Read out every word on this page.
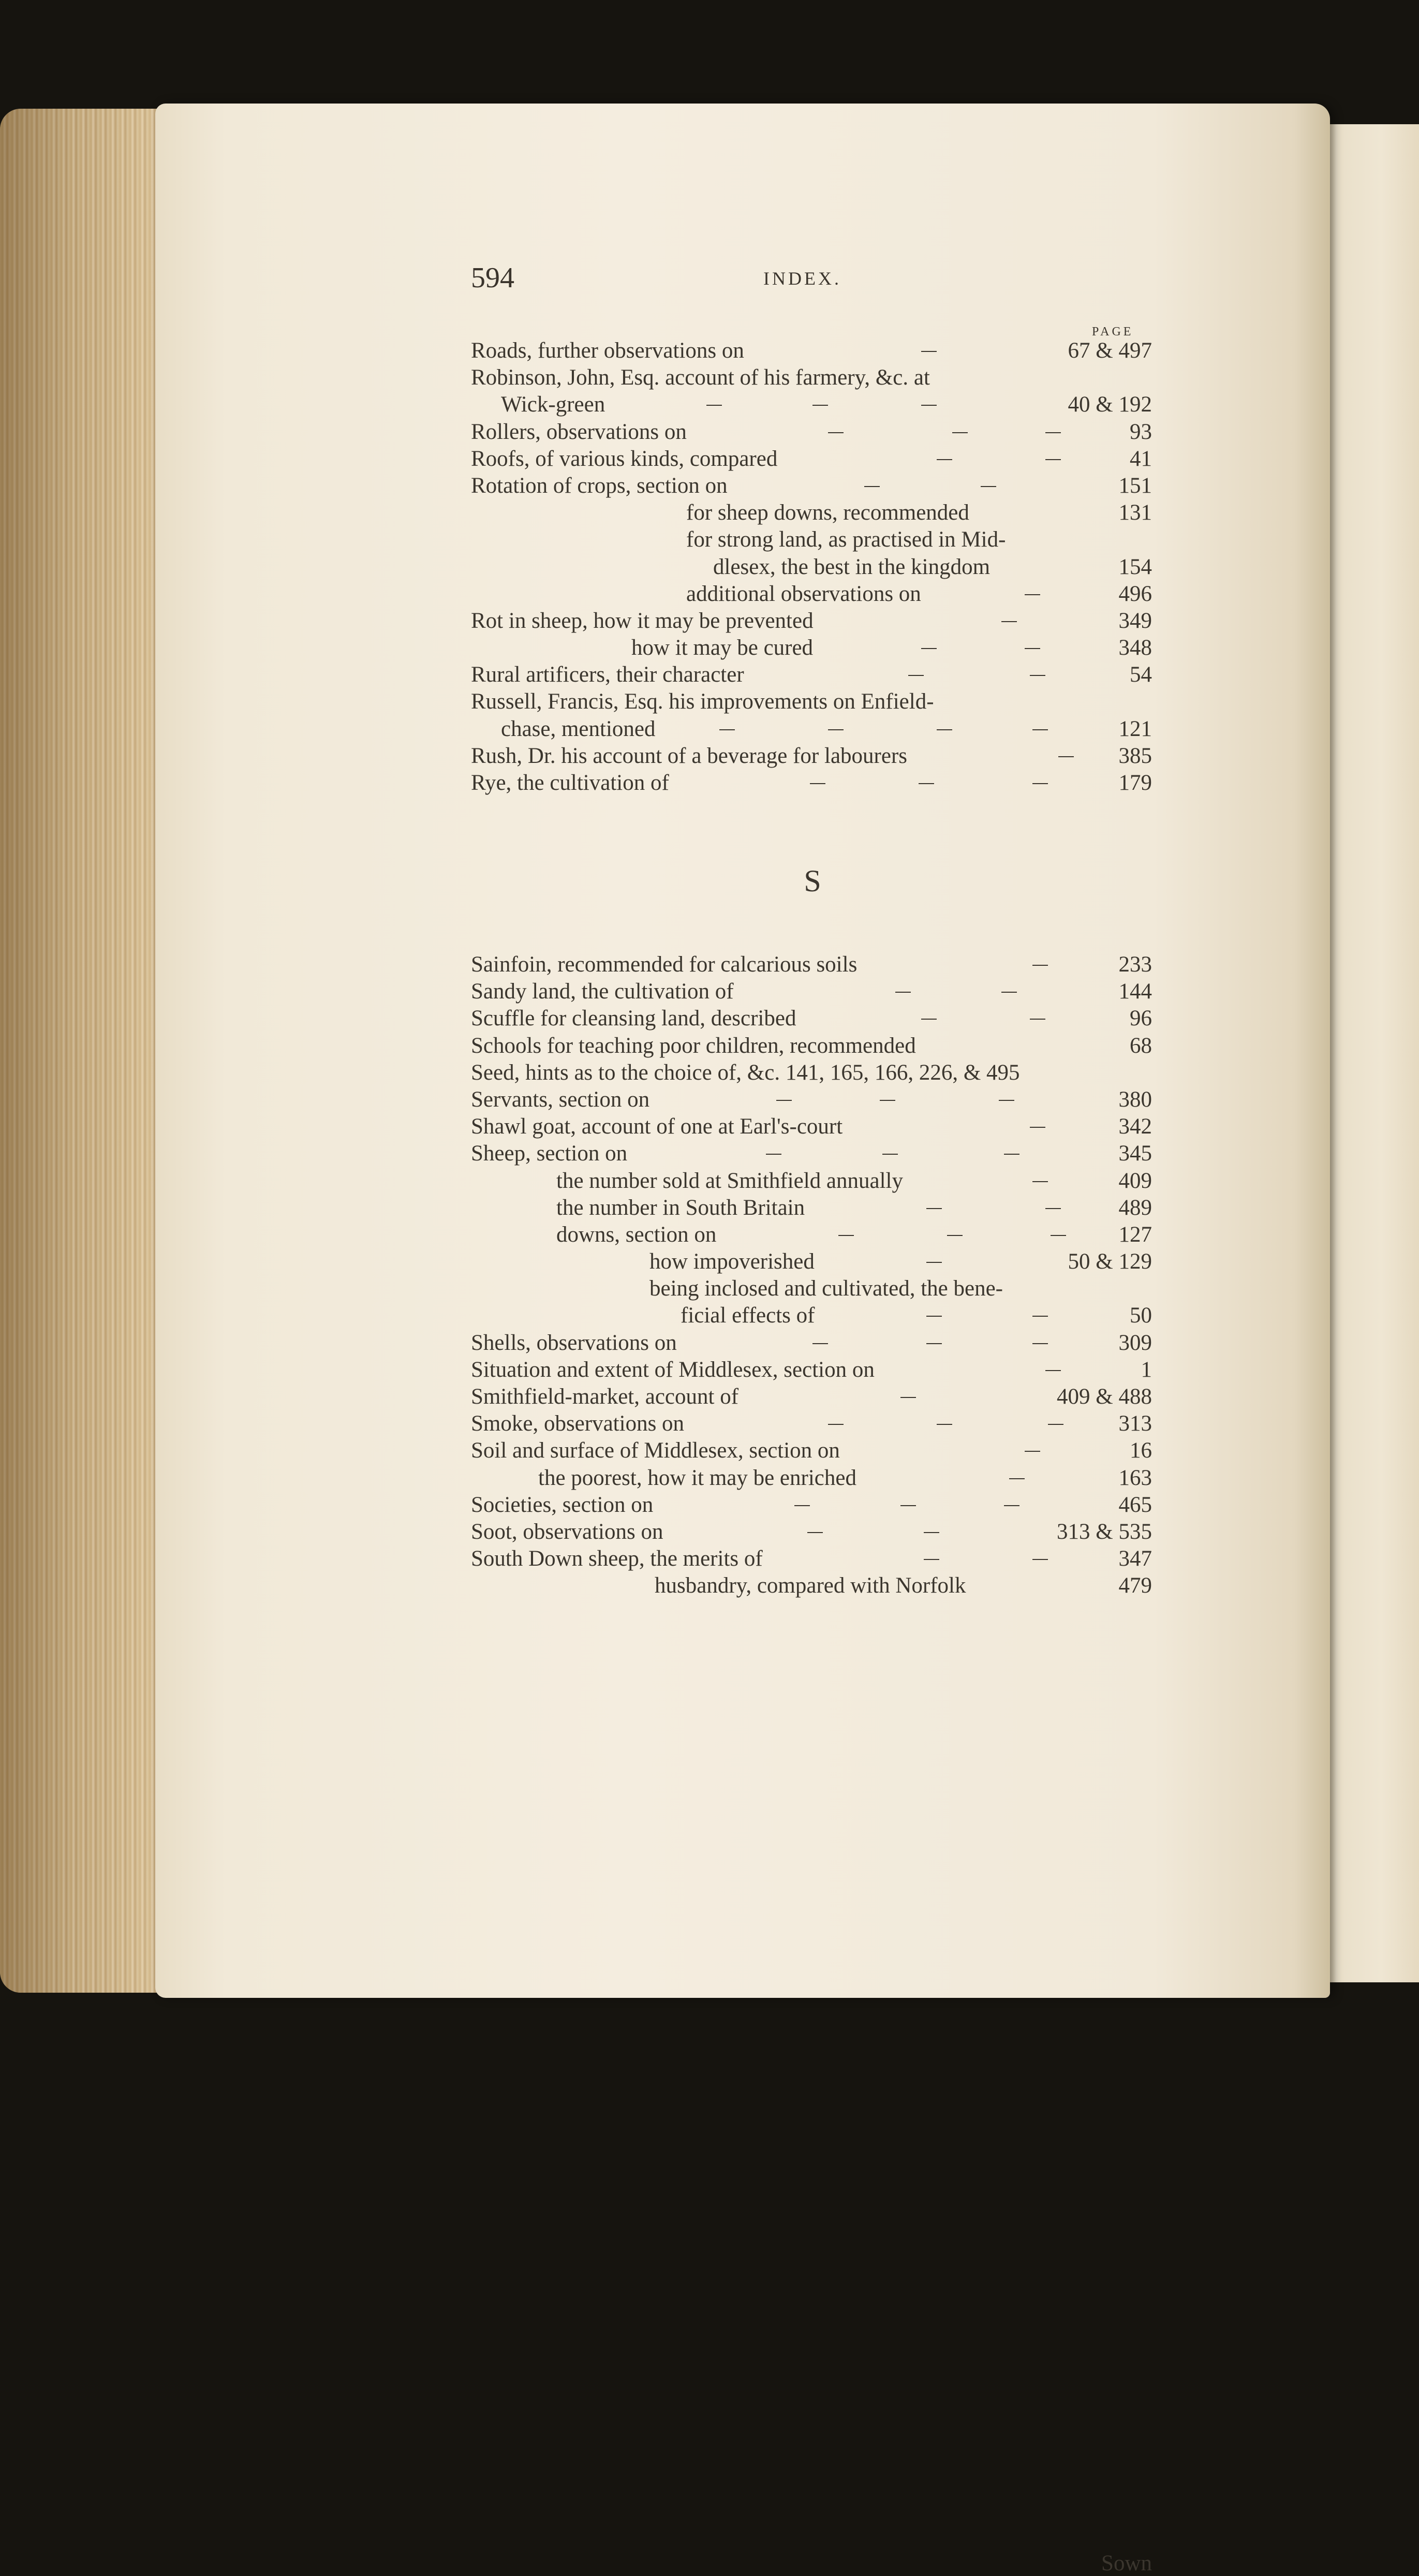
594	INDEX.
PAGE
Roads, further observations on	67 & 497
Robinson, John, Esq. account of his farmery, &c. at
Wick-green	40 & 192
Rollers, observations on	93
Roofs, of various kinds, compared	41
Rotation of crops, section on	151
for sheep downs, recommended	131
for strong land, as practised in Mid-
dlesex, the best in the kingdom	154
additional observations on	496
Rot in sheep, how it may be prevented	349
how it may be cured	348
Rural artificers, their character	54
Russell, Francis, Esq. his improvements on Enfield-
chase, mentioned	121
Rush, Dr. his account of a beverage for labourers	385
Rye, the cultivation of	179
S
Sainfoin, recommended for calcarious soils	233
Sandy land, the cultivation of	144
Scuffle for cleansing land, described	96
Schools for teaching poor children, recommended	68
Seed, hints as to the choice of, &c. 141, 165, 166, 226, & 495
Servants, section on	380
Shawl goat, account of one at Earl's-court	342
Sheep, section on	345
the number sold at Smithfield annually	409
the number in South Britain	489
downs, section on	127
how impoverished	50 & 129
being inclosed and cultivated, the bene-
ficial effects of	50
Shells, observations on	309
Situation and extent of Middlesex, section on	1
Smithfield-market, account of	409 & 488
Smoke, observations on	313
Soil and surface of Middlesex, section on	16
the poorest, how it may be enriched	163
Societies, section on	465
Soot, observations on	313 & 535
South Down sheep, the merits of	347
husbandry, compared with Norfolk	479
Sown
